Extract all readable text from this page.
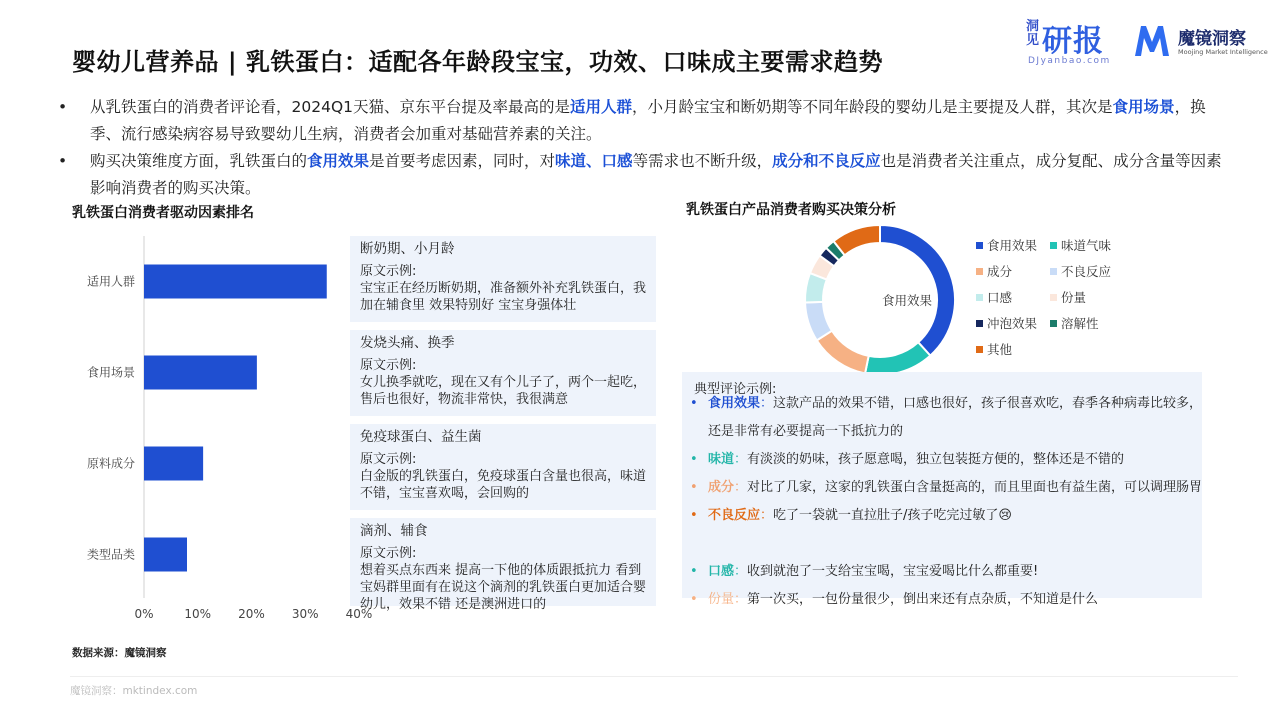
婴幼儿营养品 | 乳铁蛋白：适配各年龄段宝宝，功效、口味成主要需求趋势
洞见 研报
DJyanbao.com
魔镜洞察
Moojing Market Intelligence
• 从乳铁蛋白的消费者评论看，2024Q1天猫、京东平台提及率最高的是适用人群，小月龄宝宝和断奶期等不同年龄段的婴幼儿是主要提及人群，其次是食用场景，换季、流行感染病容易导致婴幼儿生病，消费者会加重对基础营养素的关注。
• 购买决策维度方面，乳铁蛋白的食用效果是首要考虑因素，同时，对味道、口感等需求也不断升级，成分和不良反应也是消费者关注重点，成分复配、成分含量等因素影响消费者的购买决策。
乳铁蛋白消费者驱动因素排名	乳铁蛋白产品消费者购买决策分析
适用人群
食用场景
原料成分
类型品类
0%	10% 20% 30% 40%
断奶期、小月龄
原文示例:
宝宝正在经历断奶期，准备额外补充乳铁蛋白，我加在辅食里 效果特别好 宝宝身强体壮
发烧头痛、换季
原文示例:
女儿换季就吃，现在又有个儿子了，两个一起吃，售后也很好，物流非常快，我很满意
免疫球蛋白、益生菌
原文示例:
白金版的乳铁蛋白，免疫球蛋白含量也很高，味道不错，宝宝喜欢喝，会回购的
滴剂、辅食
原文示例:
想着买点东西来 提高一下他的体质跟抵抗力 看到宝妈群里面有在说这个滴剂的乳铁蛋白更加适合婴幼儿，效果不错 还是澳洲进口的
食用效果
食用效果	味道气味
成分	不良反应
口感	份量
冲泡效果	溶解性
其他
典型评论示例:
• 食用效果：这款产品的效果不错，口感也很好，孩子很喜欢吃，春季各种病毒比较多，还是非常有必要提高一下抵抗力的
• 味道：有淡淡的奶味，孩子愿意喝，独立包装挺方便的，整体还是不错的
• 成分：对比了几家，这家的乳铁蛋白含量挺高的，而且里面也有益生菌，可以调理肠胃
• 不良反应：吃了一袋就一直拉肚子/孩子吃完过敏了😢
• 口感：收到就泡了一支给宝宝喝，宝宝爱喝比什么都重要!
• 份量：第一次买，一包份量很少，倒出来还有点杂质，不知道是什么
数据来源：魔镜洞察
魔镜洞察：mktindex.com
